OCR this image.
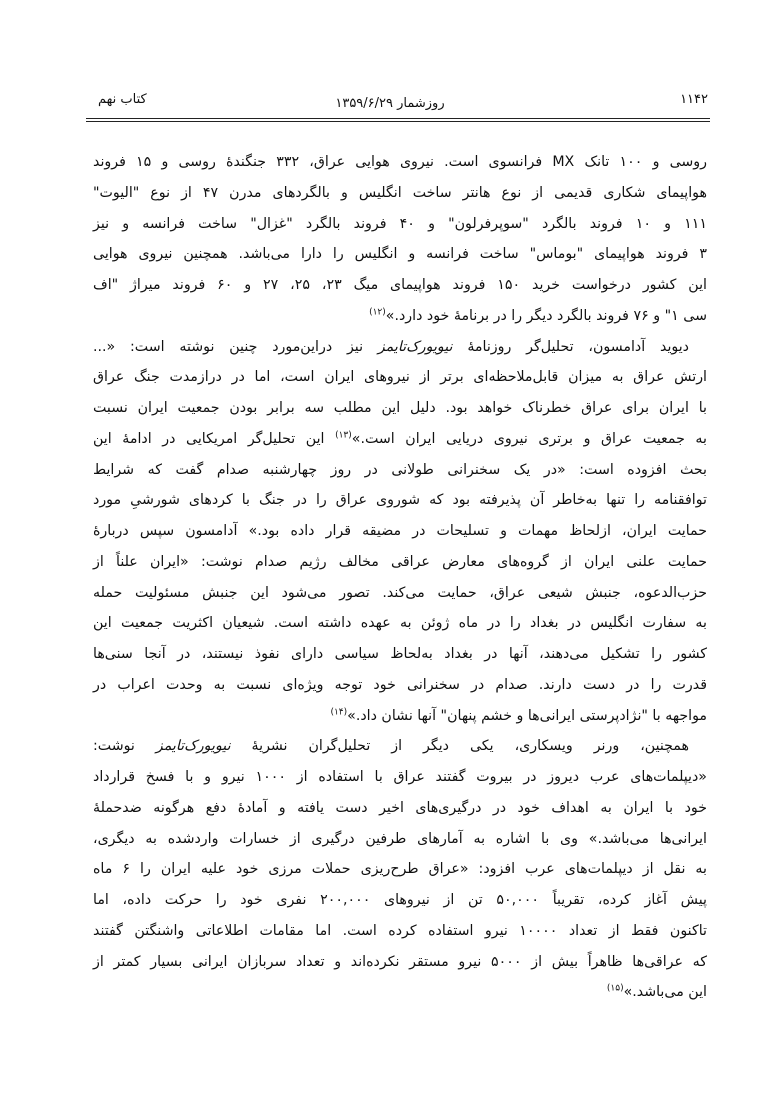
۱۱۴۲
روزشمار ۱۳۵۹/۶/۲۹
کتاب نهم
روسی و ۱۰۰ تانک MX فرانسوی است. نیروی هوایی عراق، ۳۳۲ جنگندهٔ روسی و ۱۵ فروند
هواپیمای شکاری قدیمی از نوع هانتر ساخت انگلیس و بالگردهای مدرن ۴۷ از نوع "الیوت"
۱۱۱ و ۱۰ فروند بالگرد "سوپرفرلون" و ۴۰ فروند بالگرد "غزال" ساخت فرانسه و نیز
۳ فروند هواپیمای "بوماس" ساخت فرانسه و انگلیس را دارا می‌باشد. همچنین نیروی هوایی
این کشور درخواست خرید ۱۵۰ فروند هواپیمای میگ ۲۳، ۲۵، ۲۷ و ۶۰ فروند میراژ "اف
سی ۱" و ۷۶ فروند بالگرد دیگر را در برنامهٔ خود دارد.»$^{(۱۲)}$
دیوید آدامسون، تحلیل‌گر روزنامهٔ نیویورک‌تایمز نیز دراین‌مورد چنین نوشته است: «...
ارتش عراق به میزان قابل‌ملاحظه‌ای برتر از نیروهای ایران است، اما در درازمدت جنگ عراق
با ایران برای عراق خطرناک خواهد بود. دلیل این مطلب سه برابر بودن جمعیت ایران نسبت
به جمعیت عراق و برتری نیروی دریایی ایران است.»$^{(۱۳)}$ این تحلیل‌گر امریکایی در ادامهٔ این
بحث افزوده است: «در یک سخنرانی طولانی در روز چهارشنبه صدام گفت که شرایط
توافقنامه را تنها به‌خاطر آن پذیرفته بود که شوروی عراق را در جنگ با کردهای شورشیِ مورد
حمایت ایران، ازلحاظ مهمات و تسلیحات در مضیقه قرار داده بود.» آدامسون سپس دربارهٔ
حمایت علنی ایران از گروه‌های معارض عراقی مخالف رژیم صدام نوشت: «ایران علناً از
حزب‌الدعوه، جنبش شیعی عراق، حمایت می‌کند. تصور می‌شود این جنبش مسئولیت حمله
به سفارت انگلیس در بغداد را در ماه ژوئن به عهده داشته است. شیعیان اکثریت جمعیت این
کشور را تشکیل می‌دهند، آنها در بغداد به‌لحاظ سیاسی دارای نفوذ نیستند، در آنجا سنی‌ها
قدرت را در دست دارند. صدام در سخنرانی خود توجه ویژه‌ای نسبت به وحدت اعراب در
مواجهه با "نژادپرستی ایرانی‌ها و خشم پنهان" آنها نشان داد.»$^{(۱۴)}$
همچنین، ورنر ویسکاری، یکی دیگر از تحلیل‌گران نشریهٔ نیویورک‌تایمز نوشت:
«دیپلمات‌های عرب دیروز در بیروت گفتند عراق با استفاده از ۱۰۰۰ نیرو و با فسخ قرارداد
خود با ایران به اهداف خود در درگیری‌های اخیر دست یافته و آمادهٔ دفع هرگونه ضدحملهٔ
ایرانی‌ها می‌باشد.» وی با اشاره به آمارهای طرفین درگیری از خسارات واردشده به دیگری،
به نقل از دیپلمات‌های عرب افزود: «عراق طرح‌ریزی حملات مرزی خود علیه ایران را ۶ ماه
پیش آغاز کرده، تقریباً ۵۰,۰۰۰ تن از نیروهای ۲۰۰,۰۰۰ نفری خود را حرکت داده، اما
تاکنون فقط از تعداد ۱۰۰۰۰ نیرو استفاده کرده است. اما مقامات اطلاعاتی واشنگتن گفتند
که عراقی‌ها ظاهراً بیش از ۵۰۰۰ نیرو مستقر نکرده‌اند و تعداد سربازان ایرانی بسیار کمتر از
این می‌باشد.»$^{(۱۵)}$
